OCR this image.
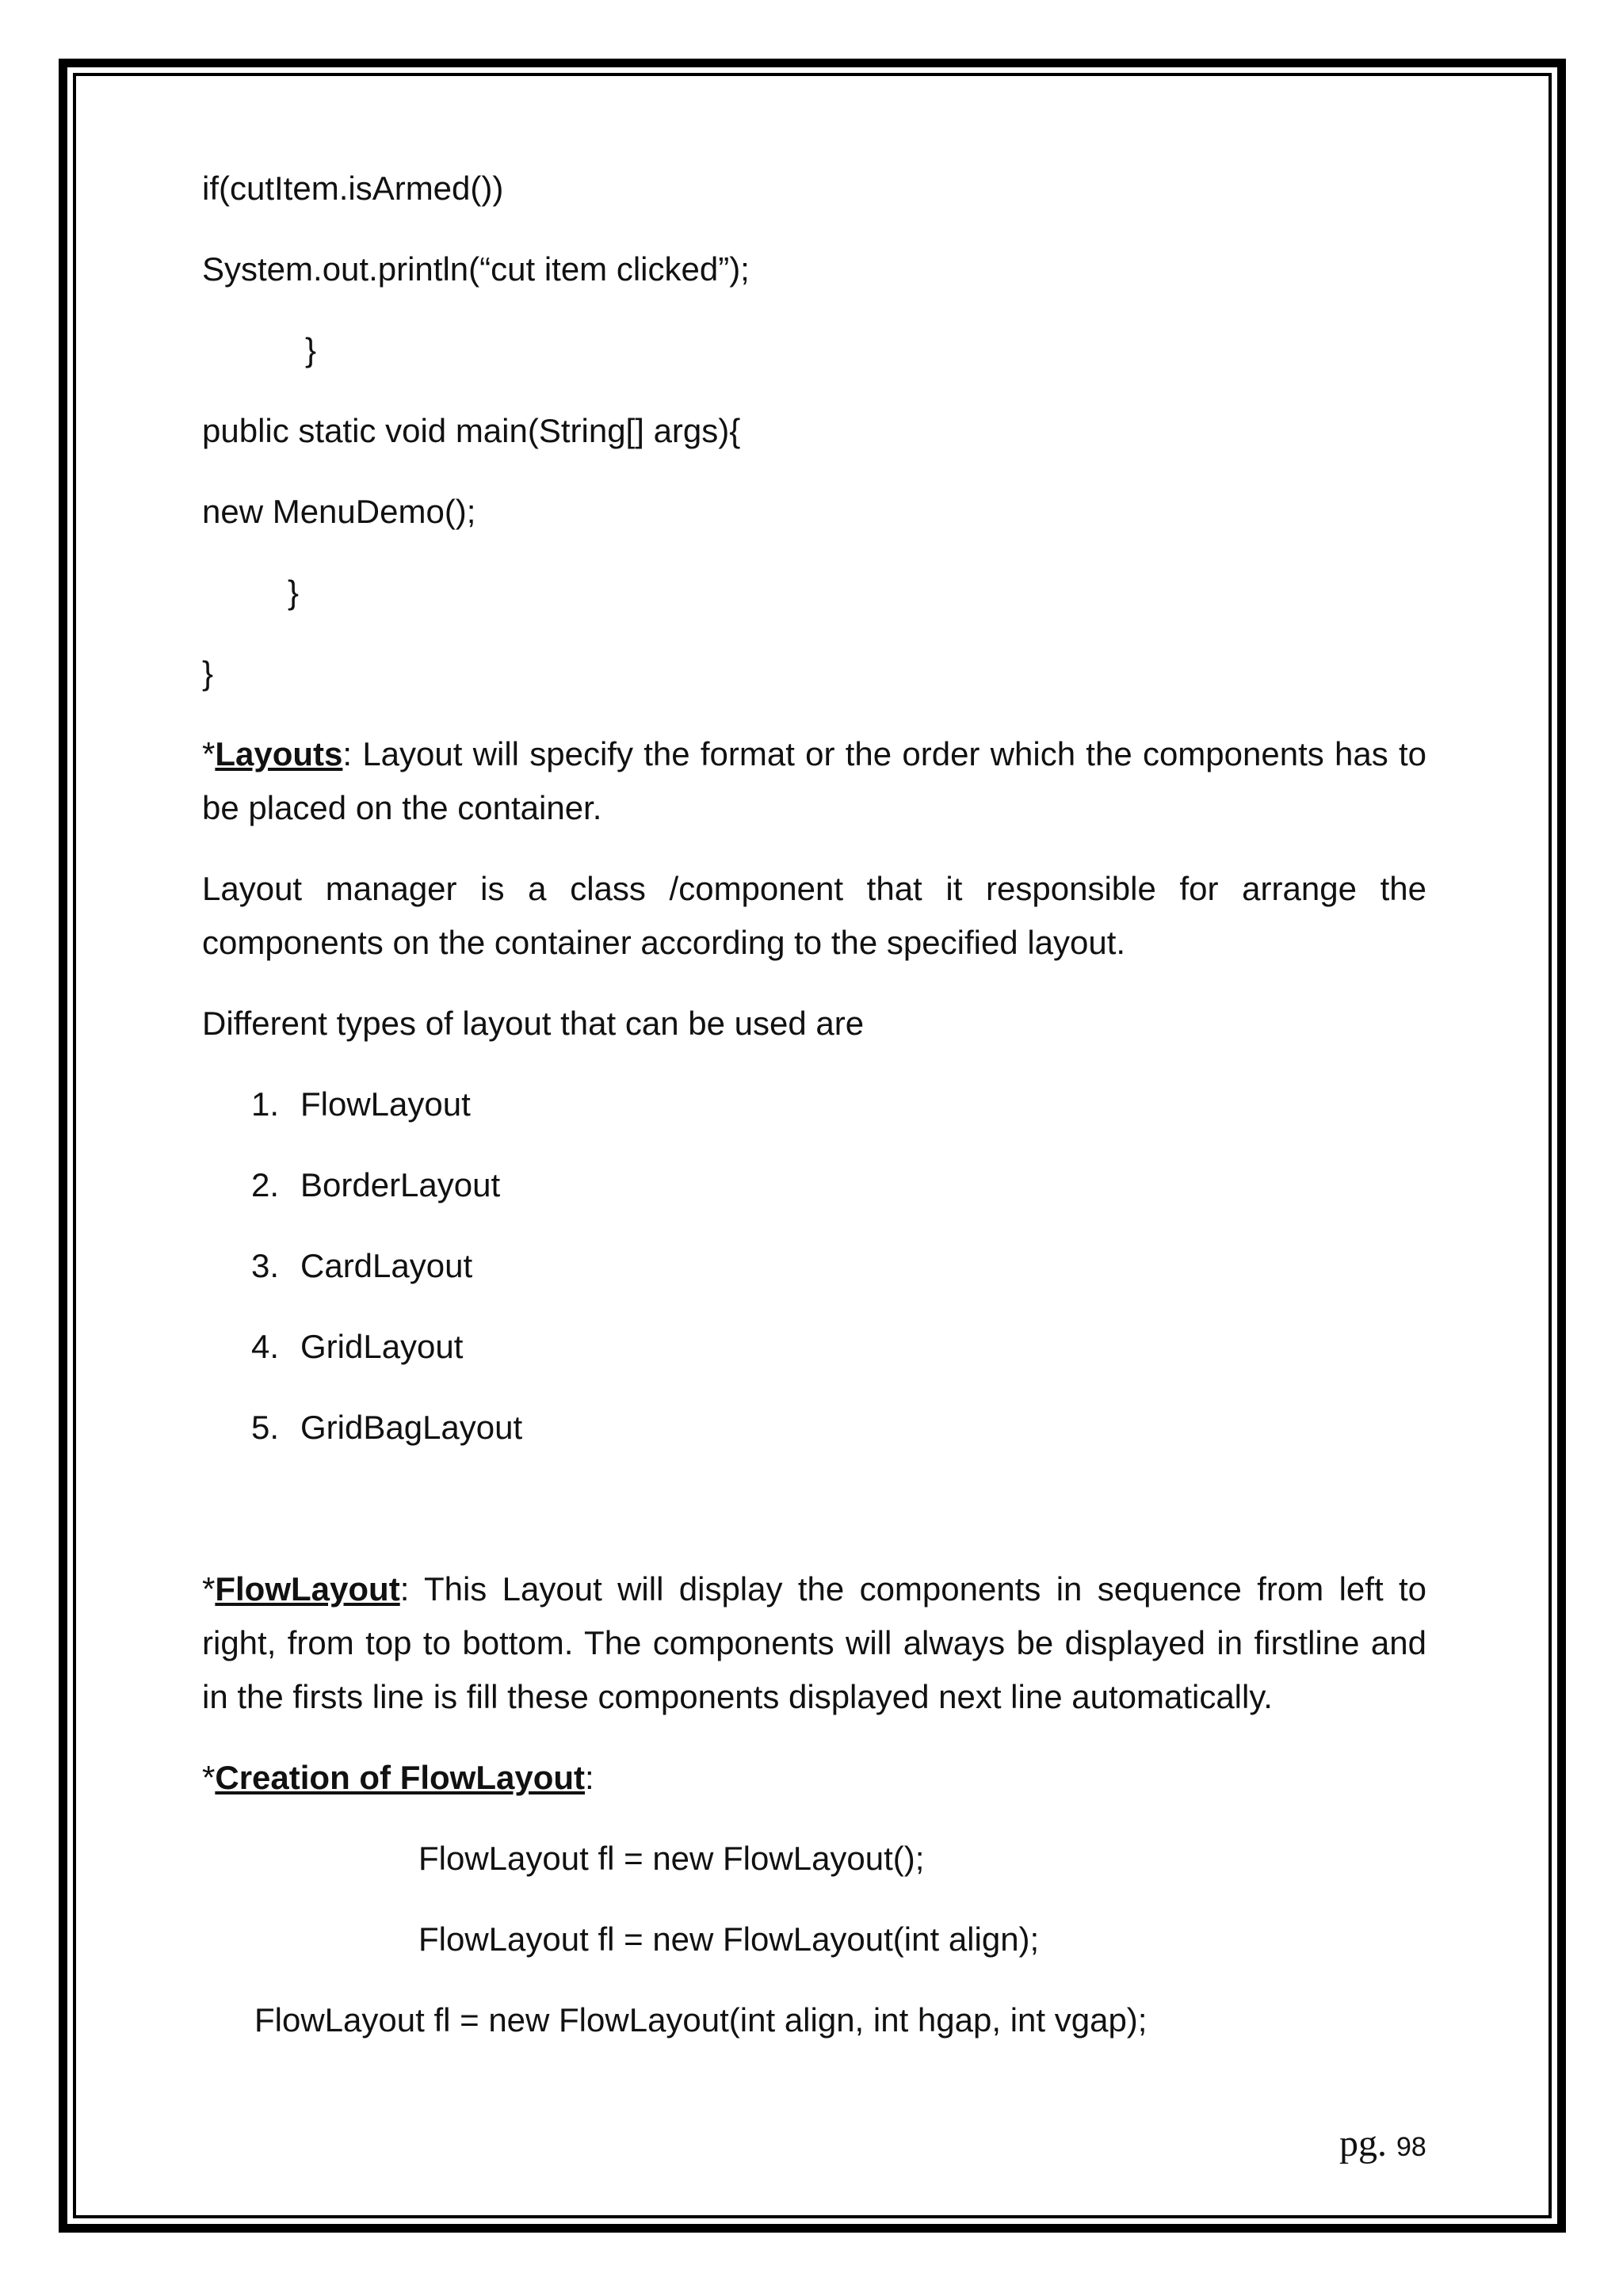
if(cutItem.isArmed())
System.out.println(“cut item clicked”);
}
public static void main(String[] args){
new MenuDemo();
}
}
*Layouts: Layout will specify the format or the order which the components has to be placed on the container.
Layout manager is a class /component that it responsible for arrange the components on the container according to the specified layout.
Different types of layout that can be used are
1. FlowLayout
2. BorderLayout
3. CardLayout
4. GridLayout
5. GridBagLayout
*FlowLayout: This Layout will display the components in sequence from left to right, from top to bottom. The components will always be displayed in firstline and in the firsts line is fill these components displayed next line automatically.
*Creation of FlowLayout:
FlowLayout fl = new FlowLayout();
FlowLayout fl = new FlowLayout(int align);
FlowLayout fl = new FlowLayout(int align, int hgap, int vgap);
pg. 98
